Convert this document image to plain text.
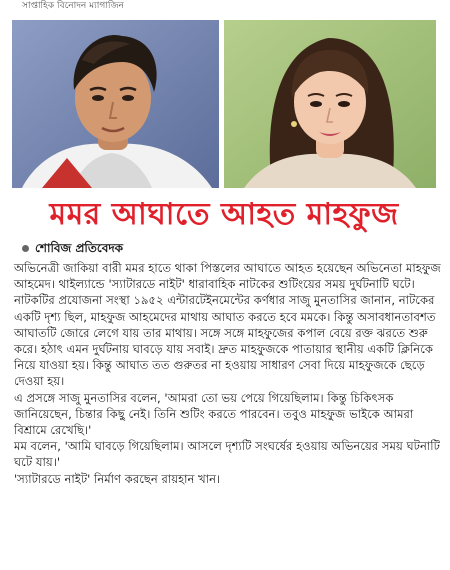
সাপ্তাহিক বিনোদন ম্যাগাজিন
মমর আঘাতে আহত মাহফুজ
শোবিজ প্রতিবেদক

অভিনেত্রী জাকিয়া বারী মমর হাতে থাকা পিস্তলের আঘাতে আহত হয়েছেন অভিনেতা মাহফুজ আহমেদ। থাইল্যান্ডে 'স্যাটারডে নাইট' ধারাবাহিক নাটকের শুটিংয়ের সময় দুর্ঘটনাটি ঘটে। নাটকটির প্রযোজনা সংস্থা ১৯৫২ এন্টারটেইনমেন্টের কর্ণধার সাজু মুনতাসির জানান, নাটকের একটি দৃশ্য ছিল, মাহফুজ আহমেদের মাথায় আঘাত করতে হবে মমকে। কিন্তু অসাবধানতাবশত আঘাতটি জোরে লেগে যায় তার মাথায়। সঙ্গে সঙ্গে মাহফুজের কপাল বেয়ে রক্ত ঝরতে শুরু করে। হঠাৎ এমন দুর্ঘটনায় ঘাবড়ে যায় সবাই। দ্রুত মাহফুজকে পাতায়ার স্থানীয় একটি ক্লিনিকে নিয়ে যাওয়া হয়। কিন্তু আঘাত তত গুরুতর না হওয়ায় সাধারণ সেবা দিয়ে মাহফুজকে ছেড়ে দেওয়া হয়।

এ প্রসঙ্গে সাজু মুনতাসির বলেন, 'আমরা তো ভয় পেয়ে গিয়েছিলাম। কিন্তু চিকিৎসক জানিয়েছেন, চিন্তার কিছু নেই। তিনি শুটিং করতে পারবেন। তবুও মাহফুজ ভাইকে আমরা বিশ্রামে রেখেছি।'

মম বলেন, 'আমি ঘাবড়ে গিয়েছিলাম। আসলে দৃশ্যটি সংঘর্ষের হওয়ায় অভিনয়ের সময় ঘটনাটি ঘটে যায়।'

'স্যাটারডে নাইট' নির্মাণ করছেন রায়হান খান।
